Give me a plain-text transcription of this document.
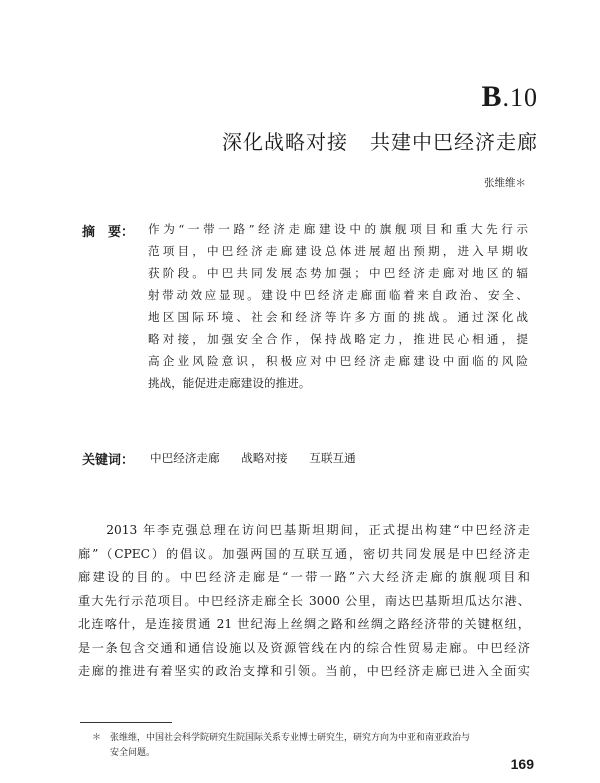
B.10
深化战略对接 共建中巴经济走廊
张维维＊
摘　要： 作为“一带一路”经济走廊建设中的旗舰项目和重大先行示
范项目，中巴经济走廊建设总体进展超出预期，进入早期收
获阶段。中巴共同发展态势加强；中巴经济走廊对地区的辐
射带动效应显现。建设中巴经济走廊面临着来自政治、安全、
地区国际环境、社会和经济等许多方面的挑战。通过深化战
略对接，加强安全合作，保持战略定力，推进民心相通，提
高企业风险意识，积极应对中巴经济走廊建设中面临的风险
挑战，能促进走廊建设的推进。
关键词： 中巴经济走廊 战略对接 互联互通
　　2013 年李克强总理在访问巴基斯坦期间，正式提出构建“中巴经济走
廊”（CPEC）的倡议。加强两国的互联互通，密切共同发展是中巴经济走
廊建设的目的。中巴经济走廊是“一带一路”六大经济走廊的旗舰项目和
重大先行示范项目。中巴经济走廊全长 3000 公里，南达巴基斯坦瓜达尔港、
北连喀什，是连接贯通 21 世纪海上丝绸之路和丝绸之路经济带的关键枢纽，
是一条包含交通和通信设施以及资源管线在内的综合性贸易走廊。中巴经济
走廊的推进有着坚实的政治支撑和引领。当前，中巴经济走廊已进入全面实
＊　张维维，中国社会科学院研究生院国际关系专业博士研究生，研究方向为中亚和南亚政治与
　　安全问题。
169
